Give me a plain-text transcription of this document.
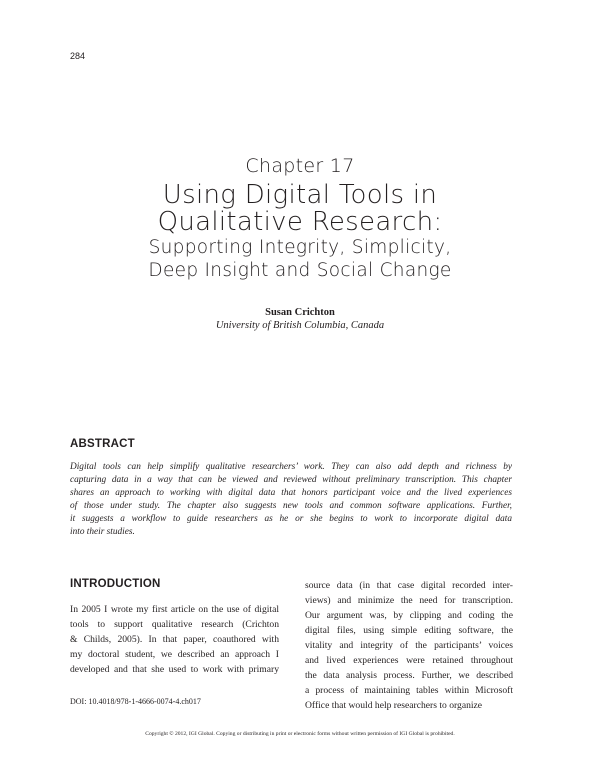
284
Chapter 17
Using Digital Tools in
Qualitative Research:
Supporting Integrity, Simplicity,
Deep Insight and Social Change
Susan Crichton
University of British Columbia, Canada
ABSTRACT
Digital tools can help simplify qualitative researchers’ work. They can also add depth and richness by
capturing data in a way that can be viewed and reviewed without preliminary transcription. This chapter
shares an approach to working with digital data that honors participant voice and the lived experiences
of those under study. The chapter also suggests new tools and common software applications. Further,
it suggests a workflow to guide researchers as he or she begins to work to incorporate digital data
into their studies.
INTRODUCTION
In 2005 I wrote my first article on the use of digital
tools to support qualitative research (Crichton
& Childs, 2005). In that paper, coauthored with
my doctoral student, we described an approach I
developed and that she used to work with primary
source data (in that case digital recorded inter-
views) and minimize the need for transcription.
Our argument was, by clipping and coding the
digital files, using simple editing software, the
vitality and integrity of the participants’ voices
and lived experiences were retained throughout
the data analysis process. Further, we described
a process of maintaining tables within Microsoft
Office that would help researchers to organize
DOI: 10.4018/978-1-4666-0074-4.ch017
Copyright © 2012, IGI Global. Copying or distributing in print or electronic forms without written permission of IGI Global is prohibited.
